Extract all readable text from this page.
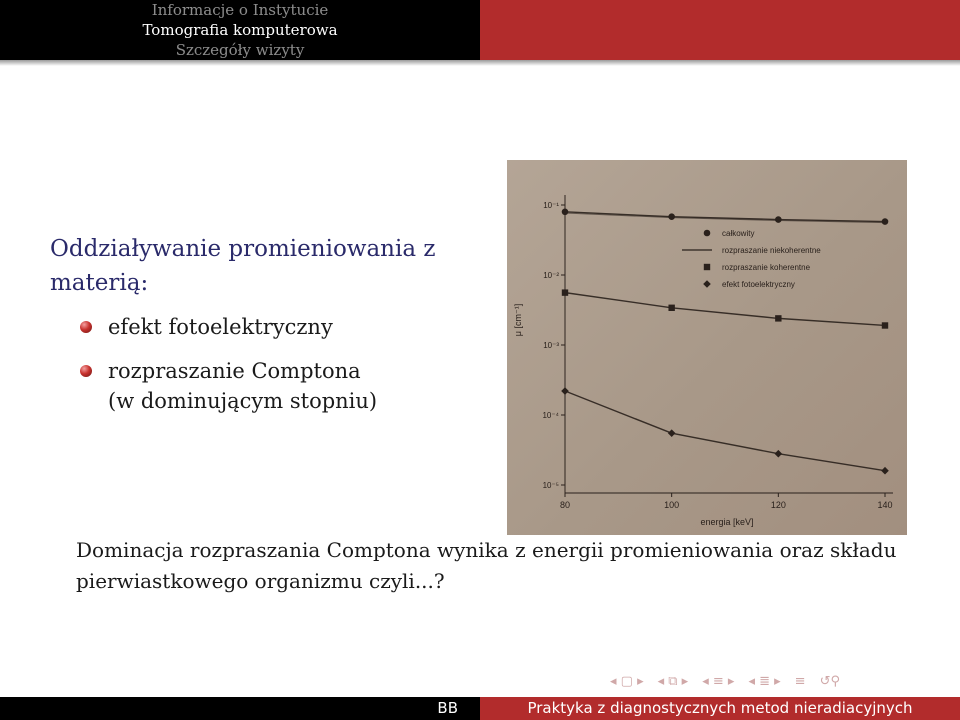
Informacje o Instytucie
Tomografia komputerowa
Szczegóły wizyty
Oddziaływanie promieniowania z
materią:
efekt fotoelektryczny
rozpraszanie Comptona
(w dominującym stopniu)
10⁻¹
10⁻²
10⁻³
10⁻⁴
10⁻⁵
80	100	120	140
energia [keV]
μ [cm⁻¹]
całkowity
rozpraszanie niekoherentne
rozpraszanie koherentne
efekt fotoelektryczny
Dominacja rozpraszania Comptona wynika z energii promieniowania oraz składu
pierwiastkowego organizmu czyli...?
◂ ▢ ▸ ◂ ⧉ ▸ ◂ ≡ ▸ ◂ ≣ ▸ ≡ ↺⚲
BB	Praktyka z diagnostycznych metod nieradiacyjnych
